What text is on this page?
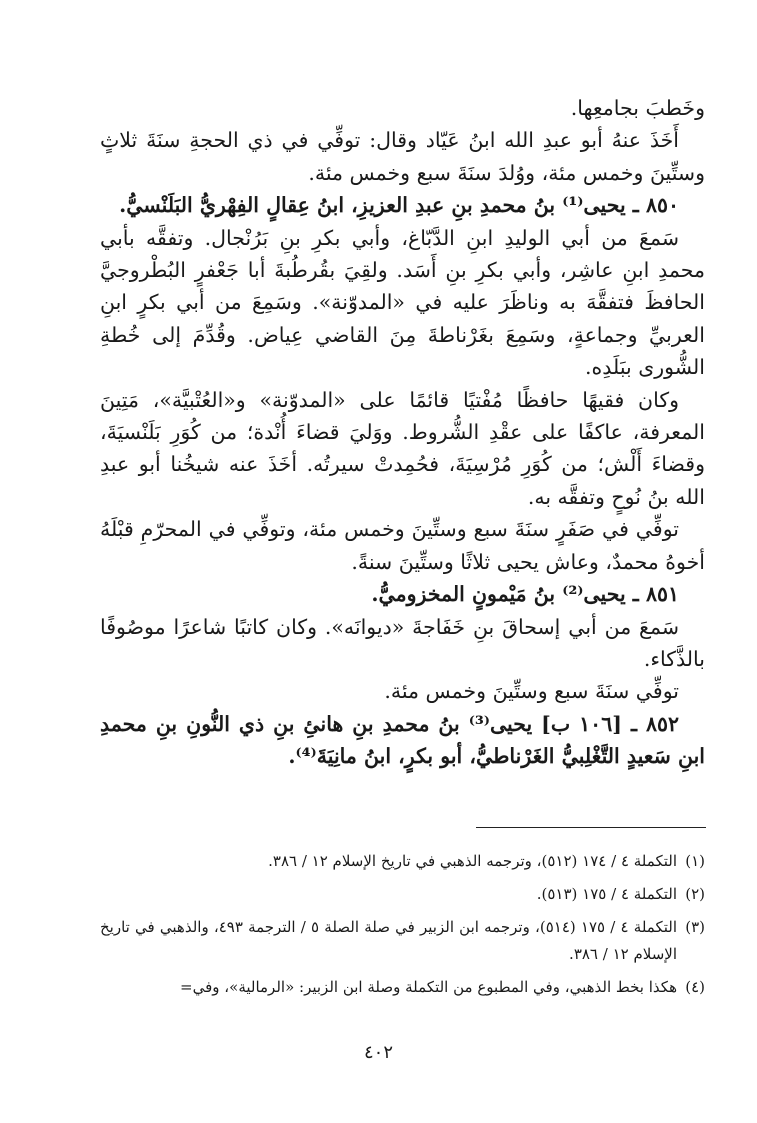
وخَطبَ بجامعِها.

أَخَذَ عنهُ أبو عبدِ الله ابنُ عَيّاد وقال: توفِّي في ذي الحجةِ سنَةَ ثلاثٍ وستِّينَ وخمس مئة، ووُلدَ سنَةَ سبع وخمس مئة.

٨٥٠ ـ يحيى⁽¹⁾ بنُ محمدِ بنِ عبدِ العزيزِ، ابنُ عِقالٍ الفِهْريُّ البَلَنْسيُّ.

سَمعَ من أبي الوليدِ ابنِ الدَّبّاغ، وأبي بكرِ بنِ بَرُنْجال. وتفقَّه بأبي محمدِ ابنِ عاشِر، وأبي بكرِ بنِ أَسَد. ولقِيَ بقُرطُبةَ أبا جَعْفرٍ البُطْروجيَّ الحافظَ فتفقَّهَ به وناظَرَ عليه في «المدوّنة». وسَمِعَ من أبي بكرٍ ابنِ العربيِّ وجماعةٍ، وسَمِعَ بغَرْناطةَ مِنَ القاضي عِياض. وقُدِّمَ إلى خُطةِ الشُّورى ببَلَدِه.

وكان فقيهًا حافظًا مُفْتيًا قائمًا على «المدوّنة» و«العُتْبيَّة»، مَتِينَ المعرفة، عاكفًا على عقْدِ الشُّروط. ووَليَ قضاءَ أُنْدة؛ من كُوَرِ بَلَنْسيَةَ، وقضاءَ أَلْش؛ من كُوَرِ مُرْسِيَةَ، فحُمِدتْ سيرتُه. أخَذَ عنه شيخُنا أبو عبدِ الله بنُ نُوحٍ وتفقَّه به.

توفِّي في صَفَرٍ سنَةَ سبع وستِّينَ وخمس مئة، وتوفِّي في المحرّمِ قبْلَهُ أخوهُ محمدٌ، وعاش يحيى ثلاثًا وستِّينَ سنةً.

٨٥١ ـ يحيى⁽²⁾ بنُ مَيْمونٍ المخزوميُّ.

سَمعَ من أبي إسحاقَ بنِ خَفَاجةَ «ديوانَه». وكان كاتبًا شاعرًا موصُوفًا بالذَّكاء.

توفِّي سنَةَ سبع وستِّينَ وخمس مئة.

٨٥٢ ـ [١٠٦ ب] يحيى⁽³⁾ بنُ محمدِ بنِ هانئِ بنِ ذي النُّونِ بنِ محمدِ ابنِ سَعيدٍ التَّغْلِبيُّ الغَرْناطيُّ، أبو بكرٍ، ابنُ مانِيَةَ⁽⁴⁾.

(١)
التكملة ٤ / ١٧٤ (٥١٢)، وترجمه الذهبي في تاريخ الإسلام ١٢ / ٣٨٦.
(٢)
التكملة ٤ / ١٧٥ (٥١٣).
(٣)
التكملة ٤ / ١٧٥ (٥١٤)، وترجمه ابن الزبير في صلة الصلة ٥ / الترجمة ٤٩٣، والذهبي في تاريخ الإسلام ١٢ / ٣٨٦.
(٤)
هكذا بخط الذهبي، وفي المطبوع من التكملة وصلة ابن الزبير: «الرمالية»، وفي=
٤٠٢
